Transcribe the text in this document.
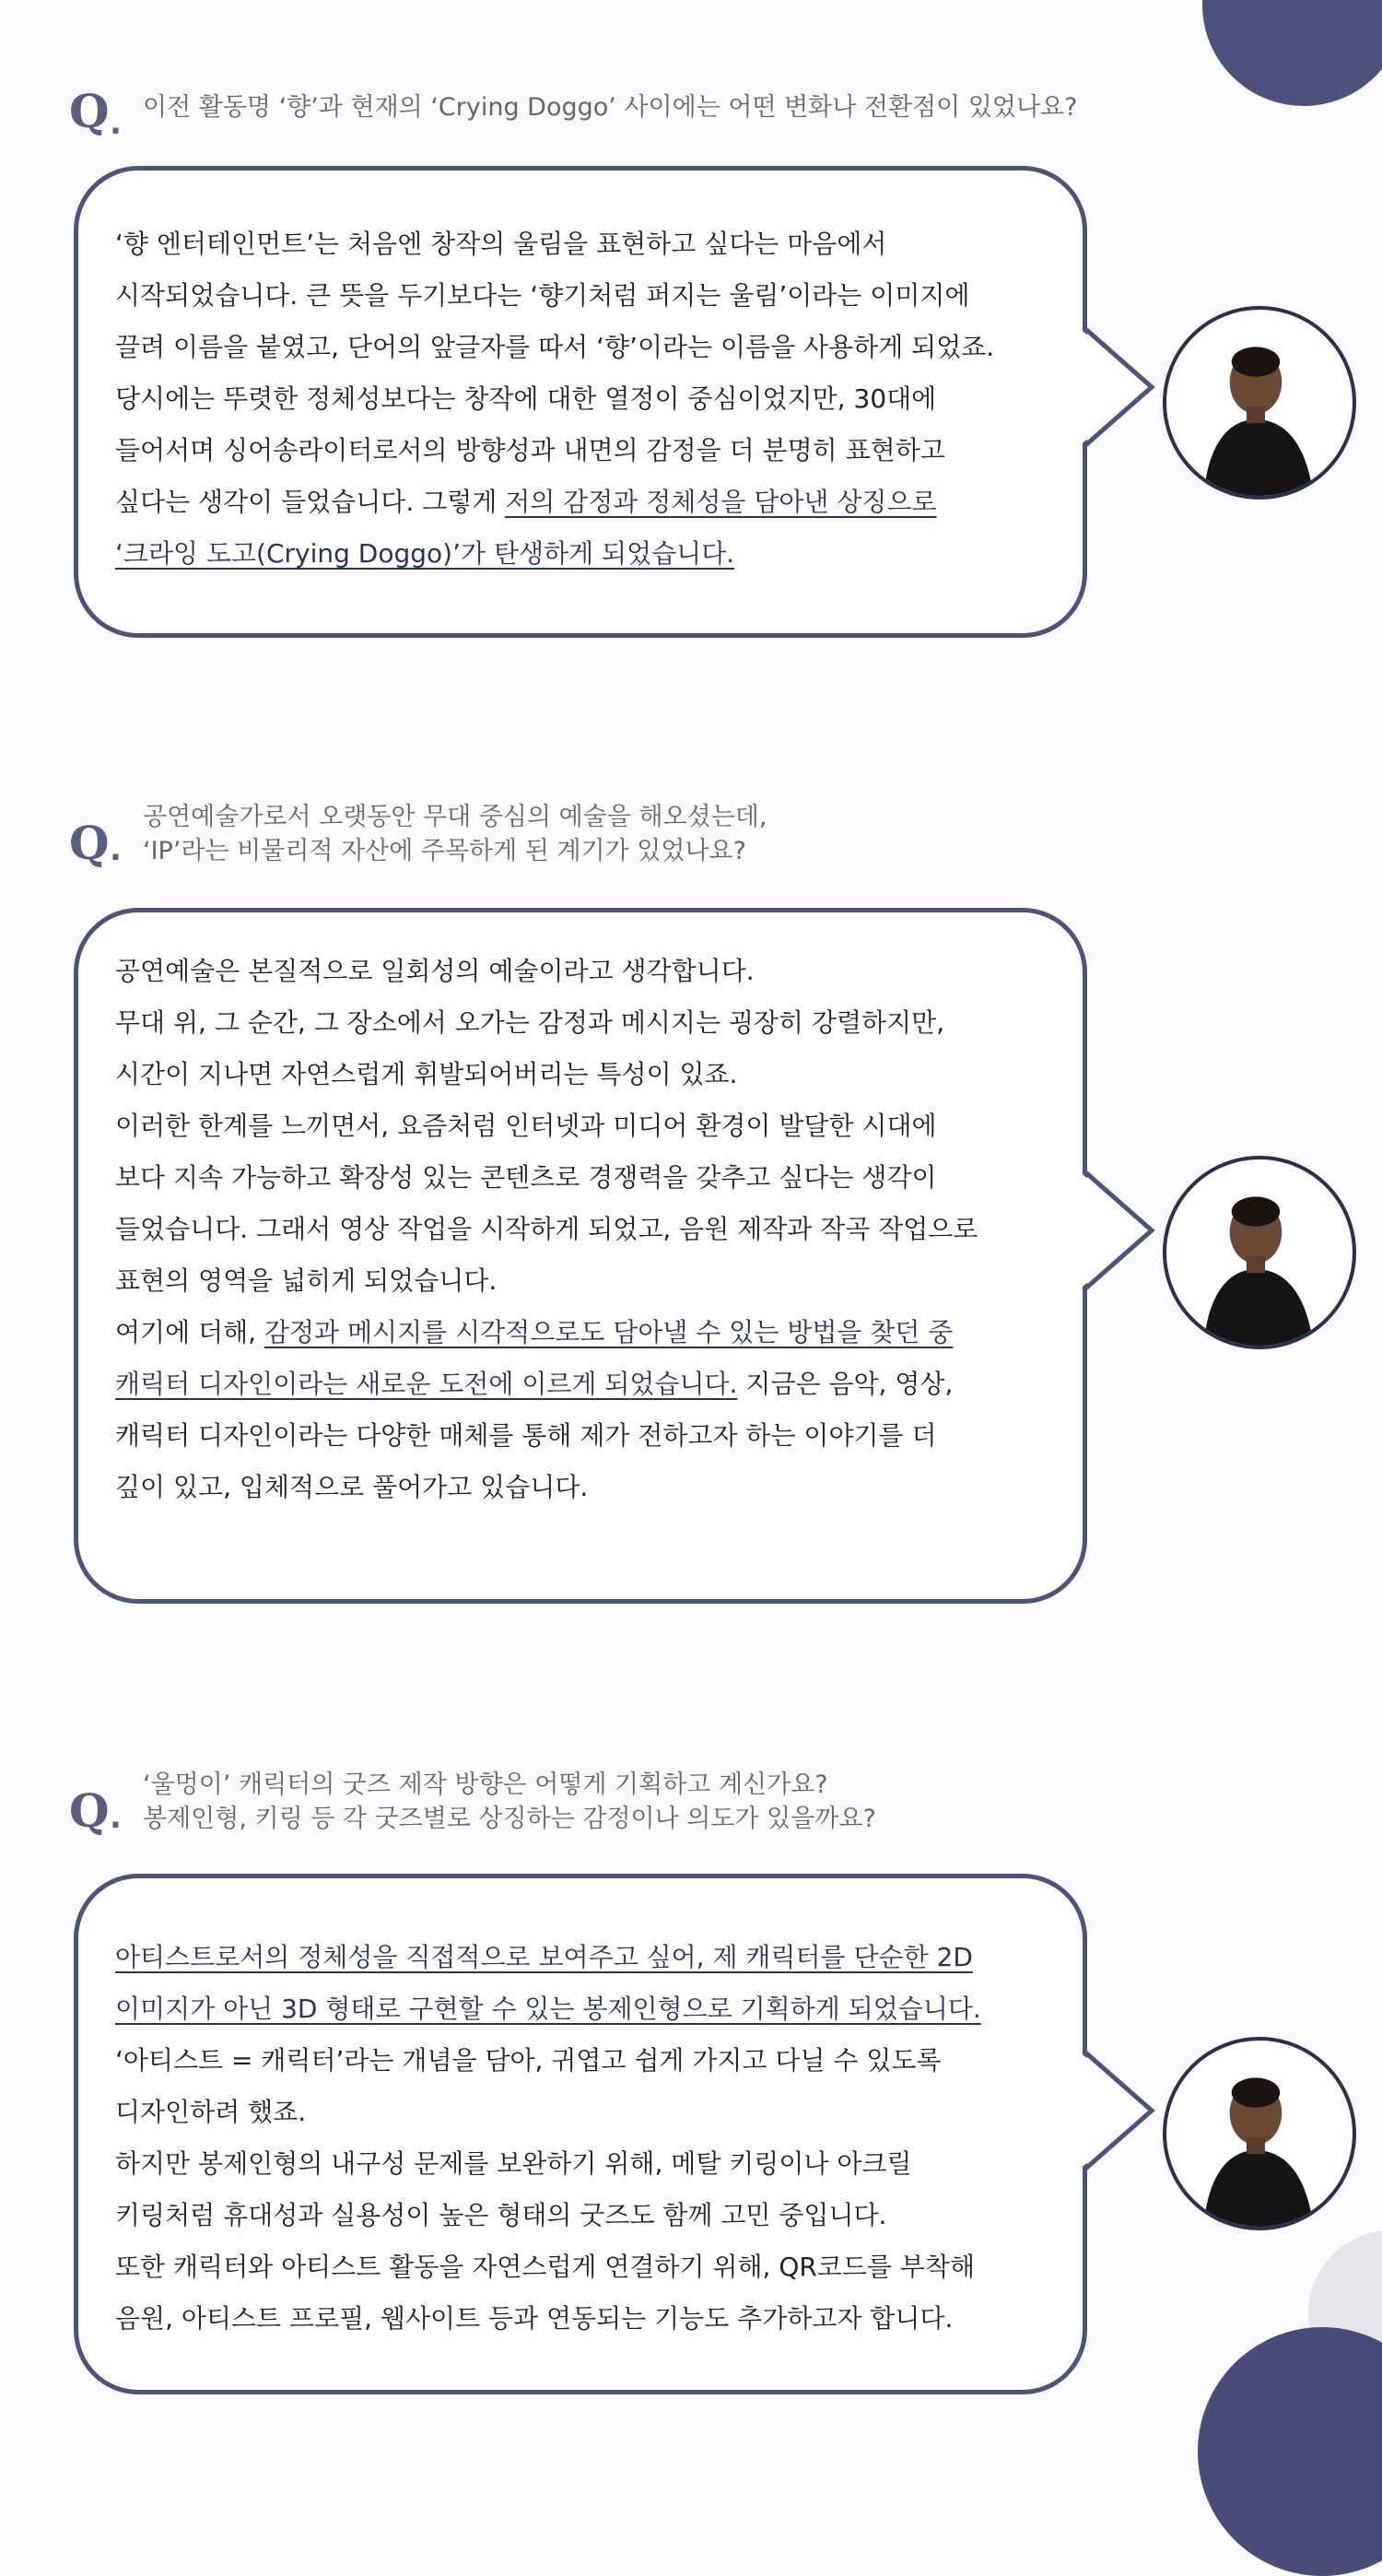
Q . 이전 활동명 ‘향’과 현재의 ‘Crying Doggo’ 사이에는 어떤 변화나 전환점이 있었나요?

‘향 엔터테인먼트’는 처음엔 창작의 울림을 표현하고 싶다는 마음에서

시작되었습니다. 큰 뜻을 두기보다는 ‘향기처럼 퍼지는 울림’이라는 이미지에

끌려 이름을 붙였고, 단어의 앞글자를 따서 ‘향’이라는 이름을 사용하게 되었죠.

당시에는 뚜렷한 정체성보다는 창작에 대한 열정이 중심이었지만, 30대에

들어서며 싱어송라이터로서의 방향성과 내면의 감정을 더 분명히 표현하고

싶다는 생각이 들었습니다. 그렇게 저의 감정과 정체성을 담아낸 상징으로

‘크라잉 도고(Crying Doggo)’가 탄생하게 되었습니다.

Q .
공연예술가로서 오랫동안 무대 중심의 예술을 해오셨는데,
‘IP’라는 비물리적 자산에 주목하게 된 계기가 있었나요?

공연예술은 본질적으로 일회성의 예술이라고 생각합니다.

무대 위, 그 순간, 그 장소에서 오가는 감정과 메시지는 굉장히 강렬하지만,

시간이 지나면 자연스럽게 휘발되어버리는 특성이 있죠.

이러한 한계를 느끼면서, 요즘처럼 인터넷과 미디어 환경이 발달한 시대에

보다 지속 가능하고 확장성 있는 콘텐츠로 경쟁력을 갖추고 싶다는 생각이

들었습니다. 그래서 영상 작업을 시작하게 되었고, 음원 제작과 작곡 작업으로

표현의 영역을 넓히게 되었습니다.

여기에 더해, 감정과 메시지를 시각적으로도 담아낼 수 있는 방법을 찾던 중

캐릭터 디자인이라는 새로운 도전에 이르게 되었습니다. 지금은 음악, 영상,

캐릭터 디자인이라는 다양한 매체를 통해 제가 전하고자 하는 이야기를 더

깊이 있고, 입체적으로 풀어가고 있습니다.

Q .
‘울멍이’ 캐릭터의 굿즈 제작 방향은 어떻게 기획하고 계신가요?
봉제인형, 키링 등 각 굿즈별로 상징하는 감정이나 의도가 있을까요?

아티스트로서의 정체성을 직접적으로 보여주고 싶어, 제 캐릭터를 단순한 2D

이미지가 아닌 3D 형태로 구현할 수 있는 봉제인형으로 기획하게 되었습니다.

‘아티스트 = 캐릭터’라는 개념을 담아, 귀엽고 쉽게 가지고 다닐 수 있도록

디자인하려 했죠.

하지만 봉제인형의 내구성 문제를 보완하기 위해, 메탈 키링이나 아크릴

키링처럼 휴대성과 실용성이 높은 형태의 굿즈도 함께 고민 중입니다.

또한 캐릭터와 아티스트 활동을 자연스럽게 연결하기 위해, QR코드를 부착해

음원, 아티스트 프로필, 웹사이트 등과 연동되는 기능도 추가하고자 합니다.
